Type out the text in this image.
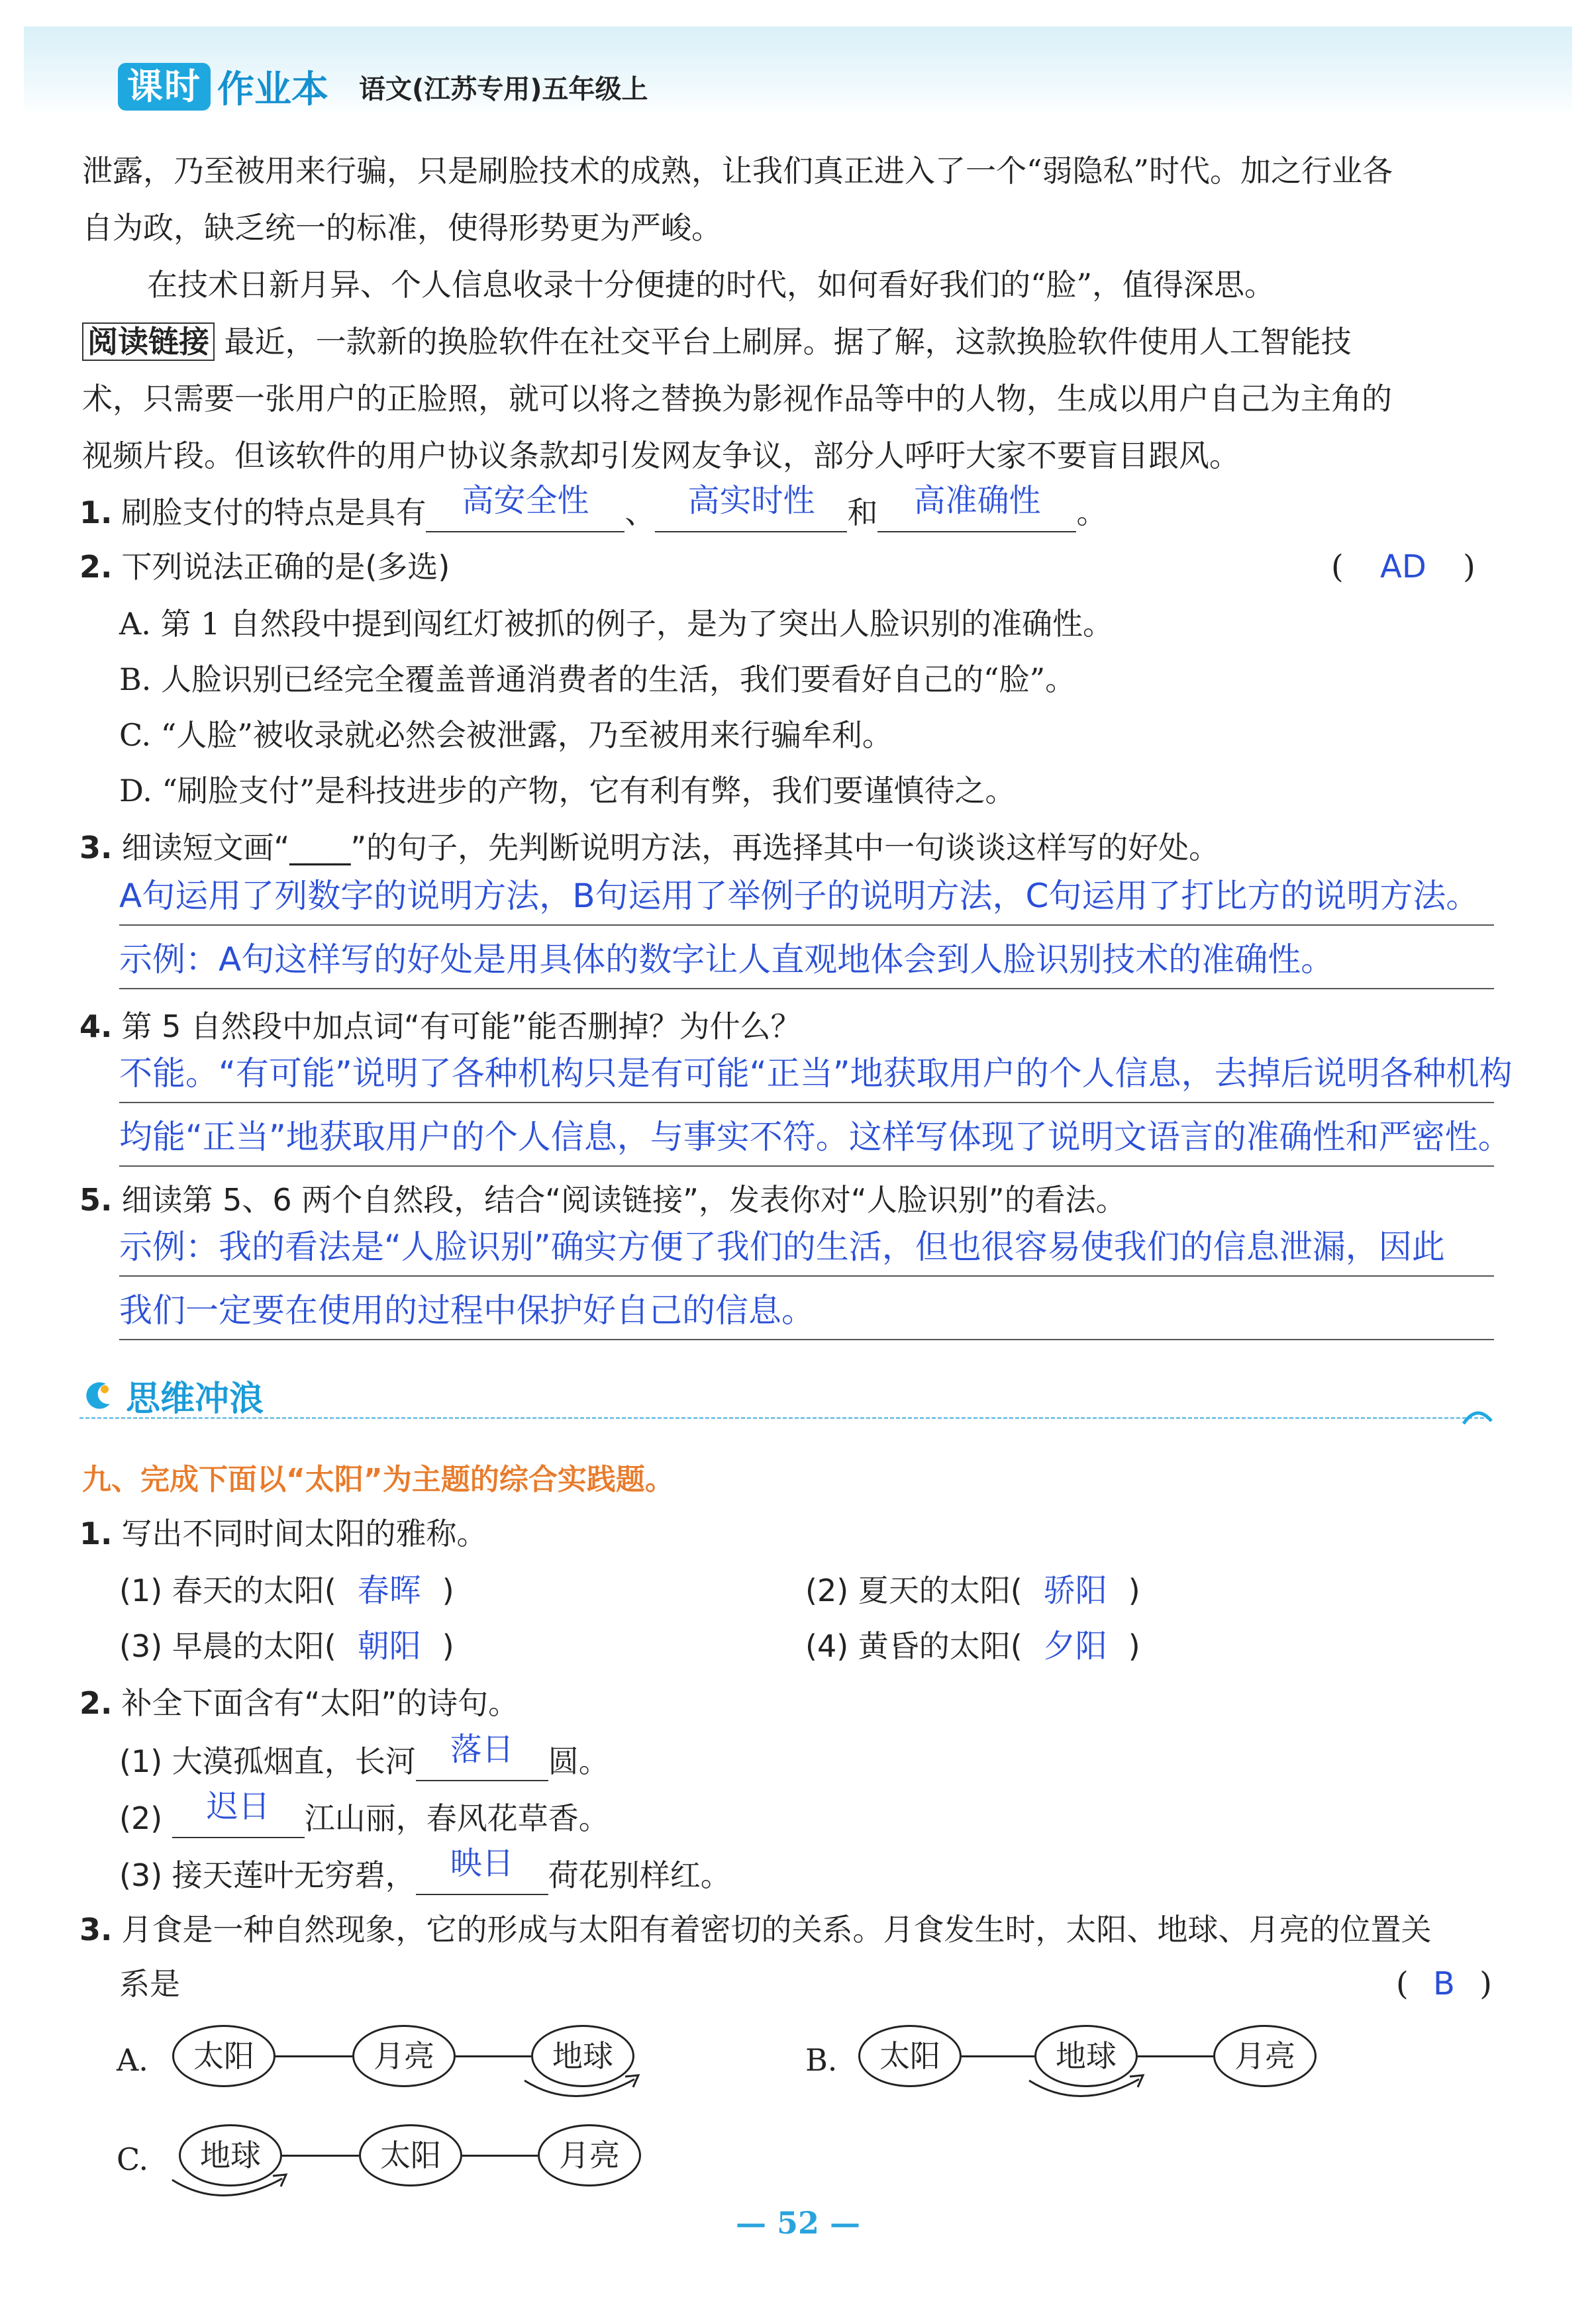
课时 作业本 语文(江苏专用)五年级上
泄露，乃至被用来行骗，只是刷脸技术的成熟，让我们真正进入了一个“弱隐私”时代。加之行业各
自为政，缺乏统一的标准，使得形势更为严峻。
在技术日新月异、个人信息收录十分便捷的时代，如何看好我们的“脸”，值得深思。
阅读链接 最近，一款新的换脸软件在社交平台上刷屏。据了解，这款换脸软件使用人工智能技
术，只需要一张用户的正脸照，就可以将之替换为影视作品等中的人物，生成以用户自己为主角的
视频片段。但该软件的用户协议条款却引发网友争议，部分人呼吁大家不要盲目跟风。
1. 刷脸支付的特点是具有 高安全性 、 高实时性 和 高准确性 。
2. 下列说法正确的是(多选)	( AD )
A. 第 1 自然段中提到闯红灯被抓的例子，是为了突出人脸识别的准确性。
B. 人脸识别已经完全覆盖普通消费者的生活，我们要看好自己的“脸”。
C. “人脸”被收录就必然会被泄露，乃至被用来行骗牟利。
D. “刷脸支付”是科技进步的产物，它有利有弊，我们要谨慎待之。
3. 细读短文画“____”的句子，先判断说明方法，再选择其中一句谈谈这样写的好处。
A句运用了列数字的说明方法，B句运用了举例子的说明方法，C句运用了打比方的说明方法。
示例：A句这样写的好处是用具体的数字让人直观地体会到人脸识别技术的准确性。
4. 第 5 自然段中加点词“有可能”能否删掉？为什么？
不能。“有可能”说明了各种机构只是有可能“正当”地获取用户的个人信息，去掉后说明各种机构
均能“正当”地获取用户的个人信息，与事实不符。这样写体现了说明文语言的准确性和严密性。
5. 细读第 5、6 两个自然段，结合“阅读链接”，发表你对“人脸识别”的看法。
示例：我的看法是“人脸识别”确实方便了我们的生活，但也很容易使我们的信息泄漏，因此
我们一定要在使用的过程中保护好自己的信息。
思维冲浪
九、完成下面以“太阳”为主题的综合实践题。
1. 写出不同时间太阳的雅称。
(1) 春天的太阳( 春晖 )	(2) 夏天的太阳( 骄阳 )
(3) 早晨的太阳( 朝阳 )	(4) 黄昏的太阳( 夕阳 )
2. 补全下面含有“太阳”的诗句。
(1) 大漠孤烟直，长河 落日 圆。
(2) 迟日 江山丽，春风花草香。
(3) 接天莲叶无穷碧， 映日 荷花别样红。
3. 月食是一种自然现象，它的形成与太阳有着密切的关系。月食发生时，太阳、地球、月亮的位置关
系是	( B )
A.	太阳	月亮	地球	B.	太阳	地球	月亮
C.	地球	太阳	月亮
— 52 —
